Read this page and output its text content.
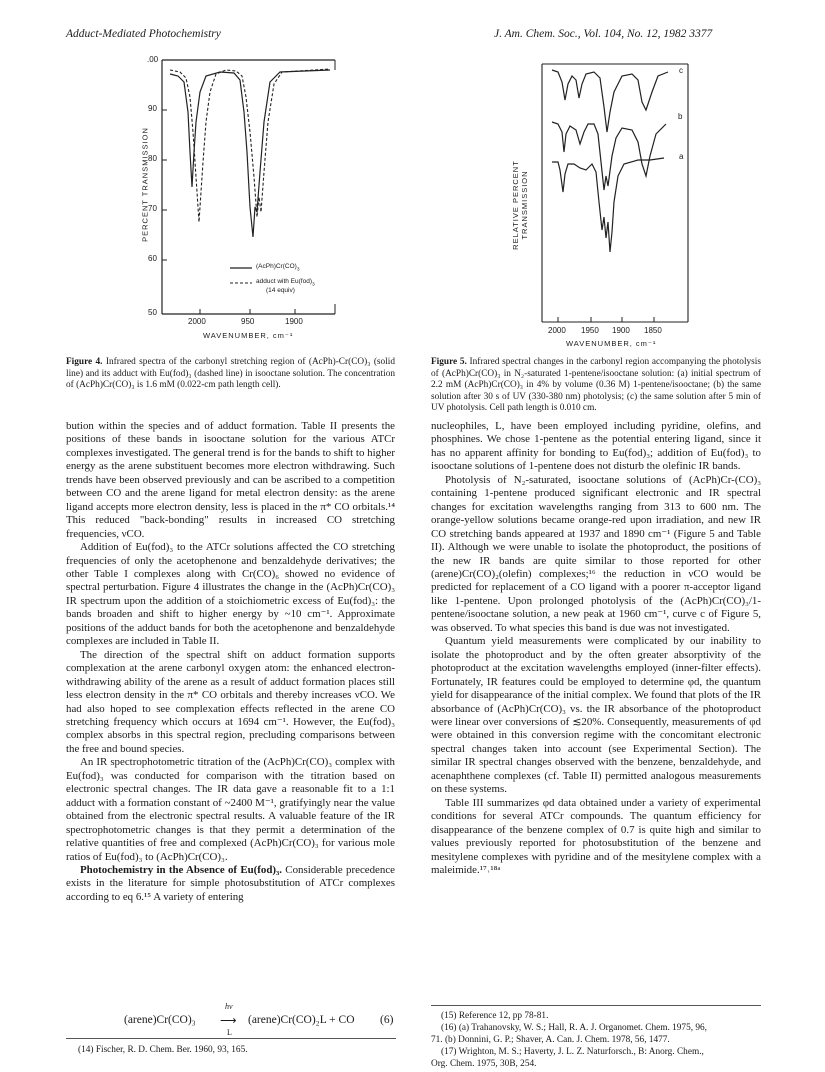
Adduct-Mediated Photochemistry	J. Am. Chem. Soc., Vol. 104, No. 12, 1982 3377
.00
90
80
70
60
50
2000	950	1900
WAVENUMBER, cm⁻¹
PERCENT TRANSMISSION
$(AcPh)Cr(CO)_3$
adduct with $Eu(fod)_3$
(14 equiv)
Figure 4. Infrared spectra of the carbonyl stretching region of (AcPh)-Cr(CO)₃ (solid line) and its adduct with Eu(fod)₃ (dashed line) in isooctane solution. The concentration of (AcPh)Cr(CO)₃ is 1.6 mM (0.022-cm path length cell).
c
b
a
RELATIVE PERCENT TRANSMISSION
2000 1950 1900 1850
WAVENUMBER, cm⁻¹
Figure 5. Infrared spectral changes in the carbonyl region accompanying the photolysis of (AcPh)Cr(CO)₃ in N₂-saturated 1-pentene/isooctane solution: (a) initial spectrum of 2.2 mM (AcPh)Cr(CO)₃ in 4% by volume (0.36 M) 1-pentene/isooctane; (b) the same solution after 30 s of UV (330-380 nm) photolysis; (c) the same solution after 5 min of UV photolysis. Cell path length is 0.010 cm.

bution within the species and of adduct formation. Table II presents the positions of these bands in isooctane solution for the various ATCr complexes investigated. The general trend is for the bands to shift to higher energy as the arene substituent becomes more electron withdrawing. Such trends have been observed previously and can be ascribed to a competition between CO and the arene ligand for metal electron density: as the arene ligand accepts more electron density, less is placed in the π* CO orbitals.¹⁴ This reduced "back-bonding" results in increased CO stretching frequencies, νCO.

Addition of Eu(fod)₃ to the ATCr solutions affected the CO stretching frequencies of only the acetophenone and benzaldehyde derivatives; the other Table I complexes along with Cr(CO)₆ showed no evidence of spectral perturbation. Figure 4 illustrates the change in the (AcPh)Cr(CO)₃ IR spectrum upon the addition of a stoichiometric excess of Eu(fod)₃: the bands broaden and shift to higher energy by ~10 cm⁻¹. Approximate positions of the adduct bands for both the acetophenone and benzaldehyde complexes are included in Table II.

The direction of the spectral shift on adduct formation supports complexation at the arene carbonyl oxygen atom: the enhanced electron-withdrawing ability of the arene as a result of adduct formation places still less electron density in the π* CO orbitals and thereby increases νCO. We had also hoped to see complexation effects reflected in the arene CO stretching frequency which occurs at 1694 cm⁻¹. However, the Eu(fod)₃ complex absorbs in this spectral region, precluding comparisons between the free and bound species.

An IR spectrophotometric titration of the (AcPh)Cr(CO)₃ complex with Eu(fod)₃ was conducted for comparison with the titration based on electronic spectral changes. The IR data gave a reasonable fit to a 1:1 adduct with a formation constant of ~2400 M⁻¹, gratifyingly near the value obtained from the electronic spectral results. A valuable feature of the IR spectrophotometric changes is that they permit a determination of the relative quantities of free and complexed (AcPh)Cr(CO)₃ for various mole ratios of Eu(fod)₃ to (AcPh)Cr(CO)₃.

Photochemistry in the Absence of Eu(fod)₃. Considerable precedence exists in the literature for simple photosubstitution of ATCr complexes according to eq 6.¹⁵ A variety of entering

(arene)Cr(CO)₃ ⟶
hν
L
(arene)Cr(CO)₂L + CO (6)
(14) Fischer, R. D. Chem. Ber. 1960, 93, 165.

nucleophiles, L, have been employed including pyridine, olefins, and phosphines. We chose 1-pentene as the potential entering ligand, since it has no apparent affinity for bonding to Eu(fod)₃; addition of Eu(fod)₃ to isooctane solutions of 1-pentene does not disturb the olefinic IR bands.

Photolysis of N₂-saturated, isooctane solutions of (AcPh)Cr-(CO)₃ containing 1-pentene produced significant electronic and IR spectral changes for excitation wavelengths ranging from 313 to 600 nm. The orange-yellow solutions became orange-red upon irradiation, and new IR CO stretching bands appeared at 1937 and 1890 cm⁻¹ (Figure 5 and Table II). Although we were unable to isolate the photoproduct, the positions of the new IR bands are quite similar to those reported for other (arene)Cr(CO)₂(olefin) complexes;¹⁶ the reduction in νCO would be predicted for replacement of a CO ligand with a poorer π-acceptor ligand like 1-pentene. Upon prolonged photolysis of the (AcPh)Cr(CO)₃/1-pentene/isooctane solution, a new peak at 1960 cm⁻¹, curve c of Figure 5, was observed. To what species this band is due was not investigated.

Quantum yield measurements were complicated by our inability to isolate the photoproduct and by the often greater absorptivity of the photoproduct at the excitation wavelengths employed (inner-filter effects). Fortunately, IR features could be employed to determine φd, the quantum yield for disappearance of the initial complex. We found that plots of the IR absorbance of (AcPh)Cr(CO)₃ vs. the IR absorbance of the photoproduct were linear over conversions of ≲20%. Consequently, measurements of φd were obtained in this conversion regime with the concomitant electronic spectral changes taken into account (see Experimental Section). The similar IR spectral changes observed with the benzene, benzaldehyde, and acenaphthene complexes (cf. Table II) permitted analogous measurements on these systems.

Table III summarizes φd data obtained under a variety of experimental conditions for several ATCr compounds. The quantum efficiency for disappearance of the benzene complex of 0.7 is quite high and similar to values previously reported for photosubstitution of the benzene and mesitylene complexes with pyridine and of the mesitylene complex with a maleimide.¹⁷˒¹⁸ᵃ

(15) Reference 12, pp 78-81.
(16) (a) Trahanovsky, W. S.; Hall, R. A. J. Organomet. Chem. 1975, 96,
71. (b) Donnini, G. P.; Shaver, A. Can. J. Chem. 1978, 56, 1477.
(17) Wrighton, M. S.; Haverty, J. L. Z. Naturforsch., B: Anorg. Chem.,
Org. Chem. 1975, 30B, 254.
